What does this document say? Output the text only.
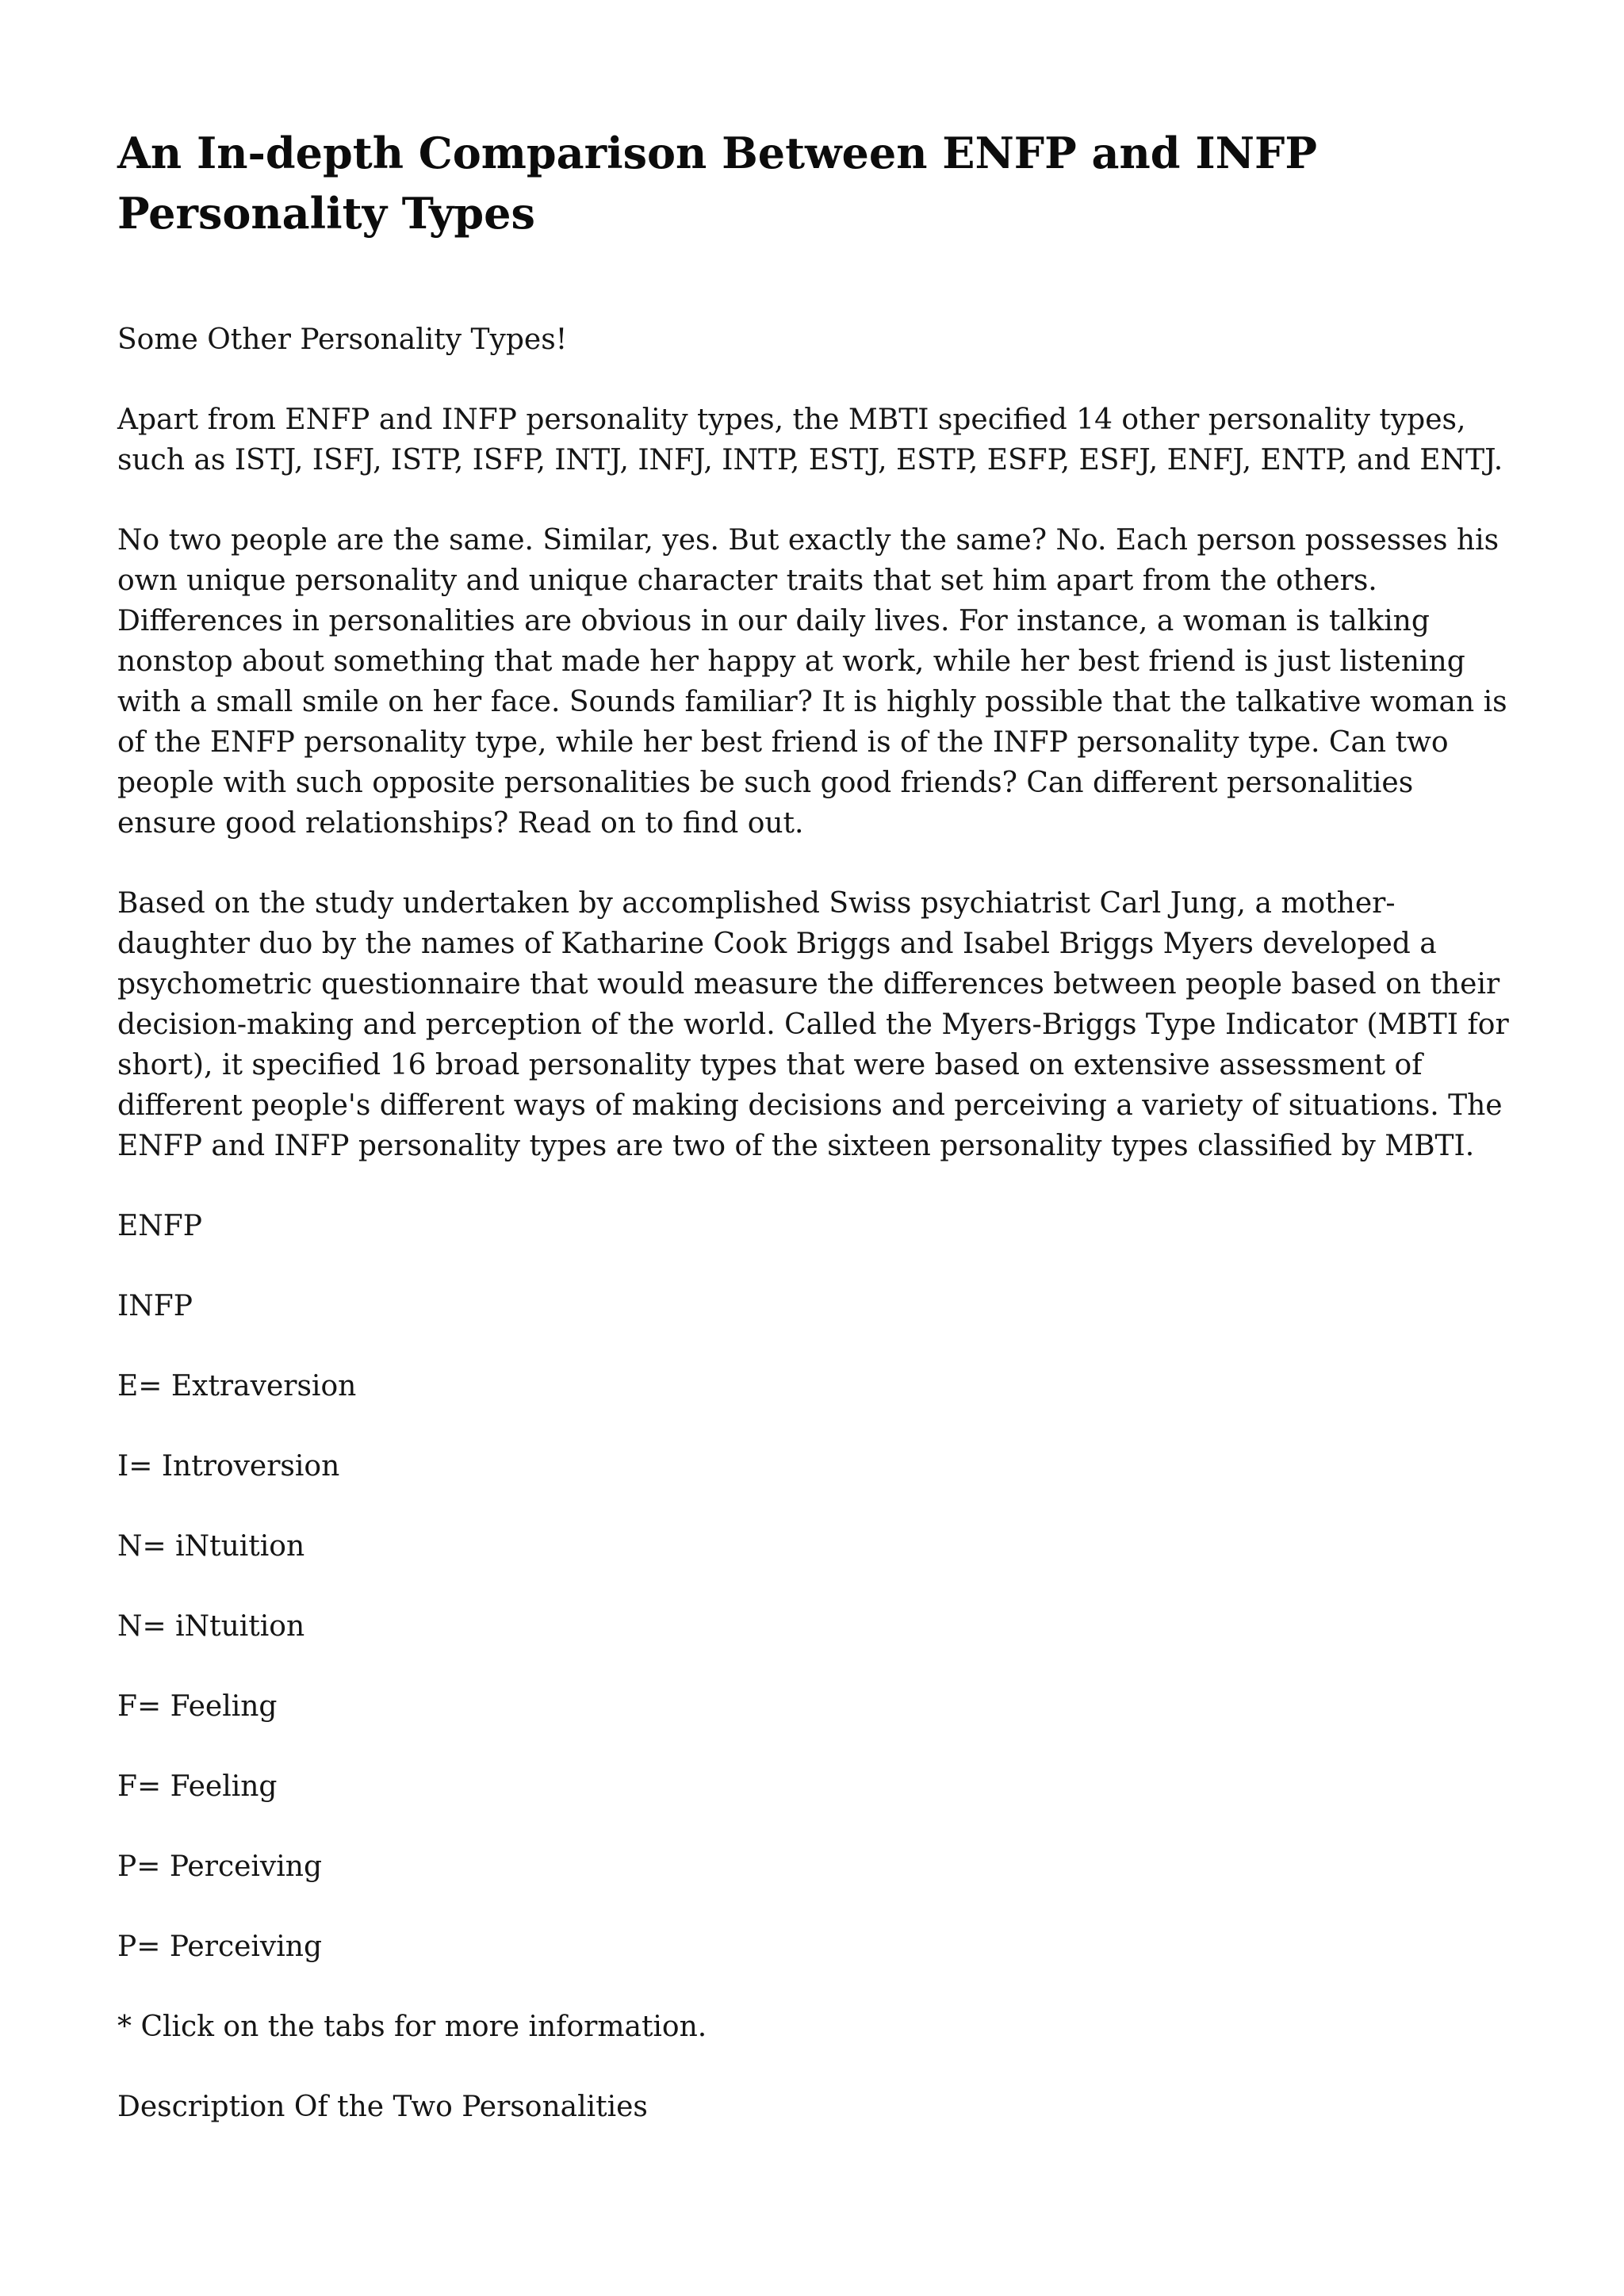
An In-depth Comparison Between ENFP and INFP Personality Types

Some Other Personality Types!

Apart from ENFP and INFP personality types, the MBTI specified 14 other personality types, such as ISTJ, ISFJ, ISTP, ISFP, INTJ, INFJ, INTP, ESTJ, ESTP, ESFP, ESFJ, ENFJ, ENTP, and ENTJ.

No two people are the same. Similar, yes. But exactly the same? No. Each person possesses his own unique personality and unique character traits that set him apart from the others. Differences in personalities are obvious in our daily lives. For instance, a woman is talking nonstop about something that made her happy at work, while her best friend is just listening with a small smile on her face. Sounds familiar? It is highly possible that the talkative woman is of the ENFP personality type, while her best friend is of the INFP personality type. Can two people with such opposite personalities be such good friends? Can different personalities ensure good relationships? Read on to find out.

Based on the study undertaken by accomplished Swiss psychiatrist Carl Jung, a mother-daughter duo by the names of Katharine Cook Briggs and Isabel Briggs Myers developed a psychometric questionnaire that would measure the differences between people based on their decision-making and perception of the world. Called the Myers-Briggs Type Indicator (MBTI for short), it specified 16 broad personality types that were based on extensive assessment of different people's different ways of making decisions and perceiving a variety of situations. The ENFP and INFP personality types are two of the sixteen personality types classified by MBTI.

ENFP

INFP

E= Extraversion

I= Introversion

N= iNtuition

N= iNtuition

F= Feeling

F= Feeling

P= Perceiving

P= Perceiving

* Click on the tabs for more information.

Description Of the Two Personalities
